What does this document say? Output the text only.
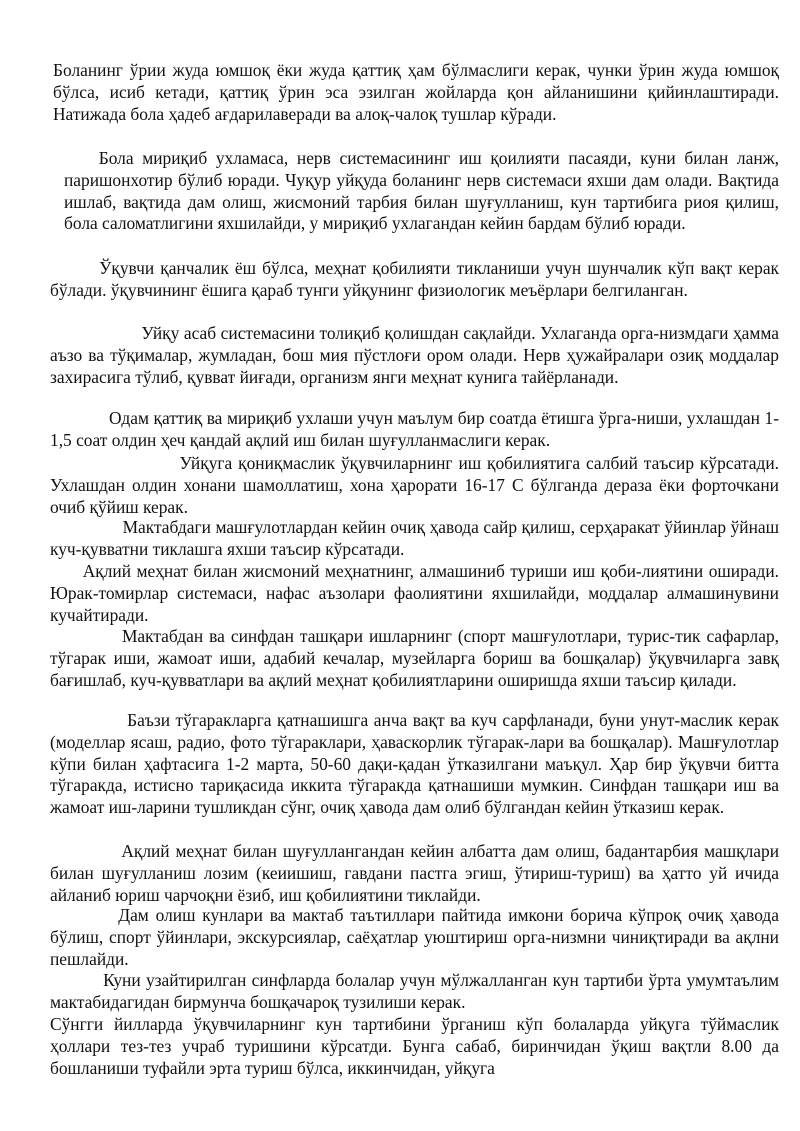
Боланинг ўрии жуда юмшоқ ёки жуда қаттиқ ҳам бўлмаслиги керак, чунки ўрин жуда юмшоқ бўлса, исиб кетади, қаттиқ ўрин эса эзилган жойларда қон айланишини қийинлаштиради. Натижада бола ҳадеб ағдарилаверади ва алоқ-чалоқ тушлар кўради.

Бола мириқиб ухламаса, нерв системасининг иш қоилияти пасаяди, куни билан ланж, паришонхотир бўлиб юради. Чуқур уйқуда боланинг нерв системаси яхши дам олади. Вақтида ишлаб, вақтида дам олиш, жисмоний тарбия билан шуғулланиш, кун тартибига риоя қилиш, бола саломатлигини яхшилайди, у мириқиб ухлагандан кейин бардам бўлиб юради.

Ўқувчи қанчалик ёш бўлса, меҳнат қобилияти тикланиши учун шунчалик кўп вақт керак бўлади. ўқувчининг ёшига қараб тунги уйқунинг физиологик меъёрлари белгиланган.

Уйқу асаб системасини толиқиб қолишдан сақлайди. Ухлаганда орга-низмдаги ҳамма аъзо ва тўқималар, жумладан, бош мия пўстлоғи ором олади. Нерв ҳужайралари озиқ моддалар захирасига тўлиб, қувват йиғади, организм янги меҳнат кунига тайёрланади.

Одам қаттиқ ва мириқиб ухлаши учун маълум бир соатда ётишга ўрга-ниши, ухлашдан 1-1,5 соат олдин ҳеч қандай ақлий иш билан шуғулланмаслиги керак.

Уйқуга қониқмаслик ўқувчиларнинг иш қобилиятига салбий таъсир кўрсатади. Ухлашдан олдин хонани шамоллатиш, хона ҳарорати 16-17 С бўлганда дераза ёки форточкани очиб қўйиш керак.

Мактабдаги машғулотлардан кейин очиқ ҳавода сайр қилиш, серҳаракат ўйинлар ўйнаш куч-қувватни тиклашга яхши таъсир кўрсатади.

Ақлий меҳнат билан жисмоний меҳнатнинг, алмашиниб туриши иш қоби-лиятини оширади. Юрак-томирлар системаси, нафас аъзолари фаолиятини яхшилайди, моддалар алмашинувини кучайтиради.

Мактабдан ва синфдан ташқари ишларнинг (спорт машғулотлари, турис-тик сафарлар, тўгарак иши, жамоат иши, адабий кечалар, музейларга бориш ва бошқалар) ўқувчиларга завқ бағишлаб, куч-қувватлари ва ақлий меҳнат қобилиятларини оширишда яхши таъсир қилади.

Баъзи тўгаракларга қатнашишга анча вақт ва куч сарфланади, буни унут-маслик керак (моделлар ясаш, радио, фото тўгараклари, ҳаваскорлик тўгарак-лари ва бошқалар). Машғулотлар кўпи билан ҳафтасига 1-2 марта, 50-60 дақи-қадан ўтказилгани маъқул. Ҳар бир ўқувчи битта тўгаракда, истисно тариқасида иккита тўгаракда қатнашиши мумкин. Синфдан ташқари иш ва жамоат иш-ларини тушликдан сўнг, очиқ ҳавода дам олиб бўлгандан кейин ўтказиш керак.

Ақлий меҳнат билан шуғуллангандан кейин албатта дам олиш, бадантарбия машқлари билан шуғулланиш лозим (кеиишиш, гавдани пастга эгиш, ўтириш-туриш) ва ҳатто уй ичида айланиб юриш чарчоқни ёзиб, иш қобилиятини тиклайди.

Дам олиш кунлари ва мактаб таътиллари пайтида имкони борича кўпроқ очиқ ҳавода бўлиш, спорт ўйинлари, экскурсиялар, саёҳатлар уюштириш орга-низмни чиниқтиради ва ақлни пешлайди.

Куни узайтирилган синфларда болалар учун мўлжалланган кун тартиби ўрта умумтаълим мактабидагидан бирмунча бошқачароқ тузилиши керак.

Сўнгги йилларда ўқувчиларнинг кун тартибини ўрганиш кўп болаларда уйқуга тўймаслик ҳоллари тез-тез учраб туришини кўрсатди. Бунга сабаб, биринчидан ўқиш вақтли 8.00 да бошланиши туфайли эрта туриш бўлса, иккинчидан, уйқуга
